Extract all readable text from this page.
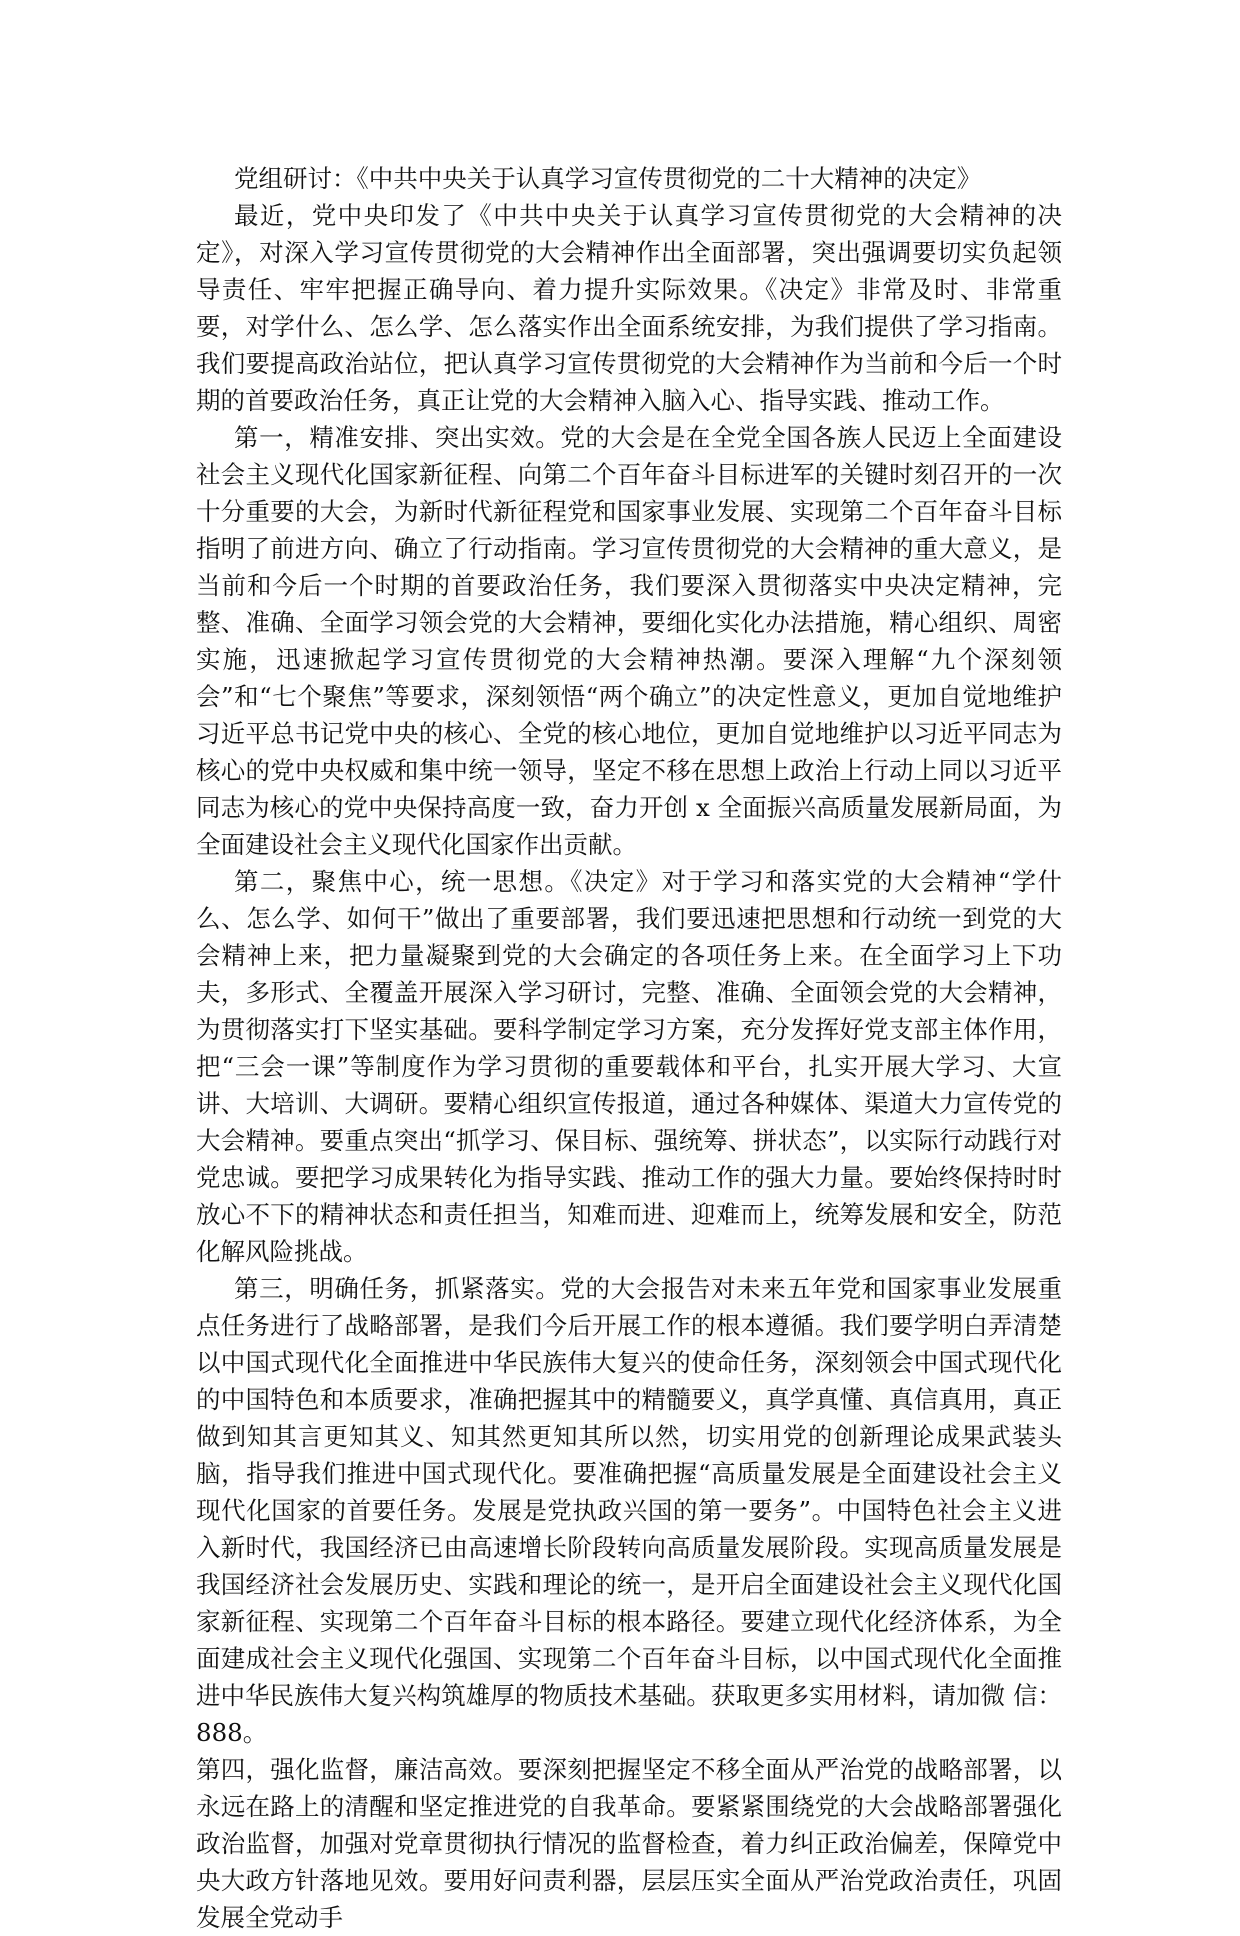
党组研讨：《中共中央关于认真学习宣传贯彻党的二十大精神的决定》

最近，党中央印发了《中共中央关于认真学习宣传贯彻党的大会精神的决定》，对深入学习宣传贯彻党的大会精神作出全面部署，突出强调要切实负起领导责任、牢牢把握正确导向、着力提升实际效果。《决定》非常及时、非常重要，对学什么、怎么学、怎么落实作出全面系统安排，为我们提供了学习指南。我们要提高政治站位，把认真学习宣传贯彻党的大会精神作为当前和今后一个时期的首要政治任务，真正让党的大会精神入脑入心、指导实践、推动工作。

第一，精准安排、突出实效。党的大会是在全党全国各族人民迈上全面建设社会主义现代化国家新征程、向第二个百年奋斗目标进军的关键时刻召开的一次十分重要的大会，为新时代新征程党和国家事业发展、实现第二个百年奋斗目标指明了前进方向、确立了行动指南。学习宣传贯彻党的大会精神的重大意义，是当前和今后一个时期的首要政治任务，我们要深入贯彻落实中央决定精神，完整、准确、全面学习领会党的大会精神，要细化实化办法措施，精心组织、周密实施，迅速掀起学习宣传贯彻党的大会精神热潮。要深入理解“九个深刻领会”和“七个聚焦”等要求，深刻领悟“两个确立”的决定性意义，更加自觉地维护习近平总书记党中央的核心、全党的核心地位，更加自觉地维护以习近平同志为核心的党中央权威和集中统一领导，坚定不移在思想上政治上行动上同以习近平同志为核心的党中央保持高度一致，奋力开创 x 全面振兴高质量发展新局面，为全面建设社会主义现代化国家作出贡献。

第二，聚焦中心，统一思想。《决定》对于学习和落实党的大会精神“学什么、怎么学、如何干”做出了重要部署，我们要迅速把思想和行动统一到党的大会精神上来，把力量凝聚到党的大会确定的各项任务上来。在全面学习上下功夫，多形式、全覆盖开展深入学习研讨，完整、准确、全面领会党的大会精神，为贯彻落实打下坚实基础。要科学制定学习方案，充分发挥好党支部主体作用，把“三会一课”等制度作为学习贯彻的重要载体和平台，扎实开展大学习、大宣讲、大培训、大调研。要精心组织宣传报道，通过各种媒体、渠道大力宣传党的大会精神。要重点突出“抓学习、保目标、强统筹、拼状态”，以实际行动践行对党忠诚。要把学习成果转化为指导实践、推动工作的强大力量。要始终保持时时放心不下的精神状态和责任担当，知难而进、迎难而上，统筹发展和安全，防范化解风险挑战。

第三，明确任务，抓紧落实。党的大会报告对未来五年党和国家事业发展重点任务进行了战略部署，是我们今后开展工作的根本遵循。我们要学明白弄清楚以中国式现代化全面推进中华民族伟大复兴的使命任务，深刻领会中国式现代化的中国特色和本质要求，准确把握其中的精髓要义，真学真懂、真信真用，真正做到知其言更知其义、知其然更知其所以然，切实用党的创新理论成果武装头脑，指导我们推进中国式现代化。要准确把握“高质量发展是全面建设社会主义现代化国家的首要任务。发展是党执政兴国的第一要务”。中国特色社会主义进入新时代，我国经济已由高速增长阶段转向高质量发展阶段。实现高质量发展是我国经济社会发展历史、实践和理论的统一，是开启全面建设社会主义现代化国家新征程、实现第二个百年奋斗目标的根本路径。要建立现代化经济体系，为全面建成社会主义现代化强国、实现第二个百年奋斗目标，以中国式现代化全面推进中华民族伟大复兴构筑雄厚的物质技术基础。获取更多实用材料，请加微 信：888。

第四，强化监督，廉洁高效。要深刻把握坚定不移全面从严治党的战略部署，以永远在路上的清醒和坚定推进党的自我革命。要紧紧围绕党的大会战略部署强化政治监督，加强对党章贯彻执行情况的监督检查，着力纠正政治偏差，保障党中央大政方针落地见效。要用好问责利器，层层压实全面从严治党政治责任，巩固发展全党动手
